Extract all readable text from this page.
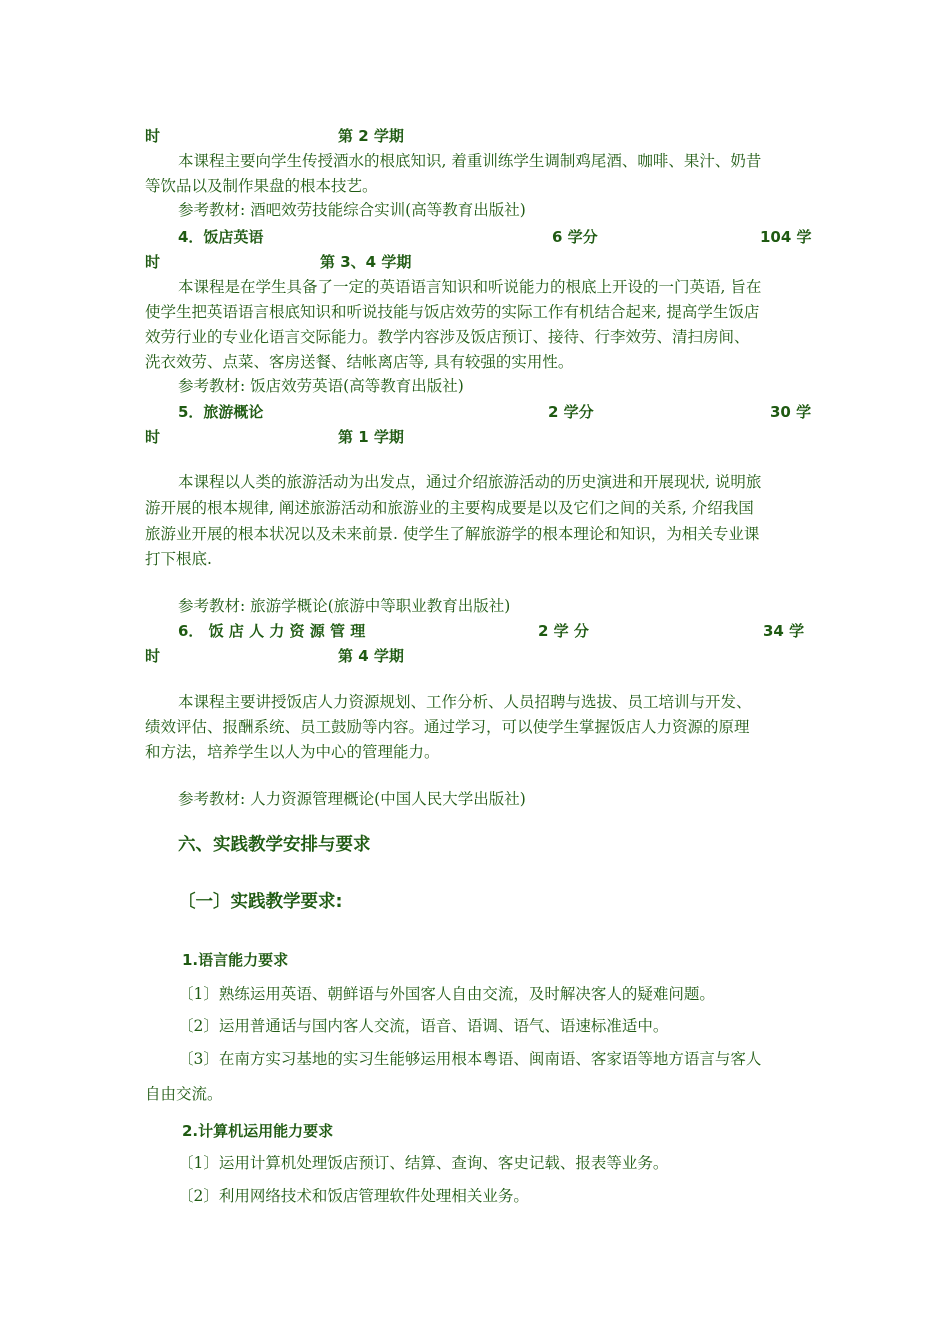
时	第 2 学期
本课程主要向学生传授酒水的根底知识, 着重训练学生调制鸡尾酒、咖啡、果汁、奶昔
等饮品以及制作果盘的根本技艺。
参考教材: 酒吧效劳技能综合实训(高等教育出版社)
4．饭店英语	6 学分	104 学
时	第 3、4 学期
本课程是在学生具备了一定的英语语言知识和听说能力的根底上开设的一门英语, 旨在
使学生把英语语言根底知识和听说技能与饭店效劳的实际工作有机结合起来, 提高学生饭店
效劳行业的专业化语言交际能力。教学内容涉及饭店预订、接待、行李效劳、清扫房间、
洗衣效劳、点菜、客房送餐、结帐离店等, 具有较强的实用性。
参考教材: 饭店效劳英语(高等教育出版社)
5．旅游概论	2 学分	30 学
时	第 1 学期
本课程以人类的旅游活动为出发点，通过介绍旅游活动的历史演进和开展现状, 说明旅
游开展的根本规律, 阐述旅游活动和旅游业的主要构成要是以及它们之间的关系, 介绍我国
旅游业开展的根本状况以及未来前景. 使学生了解旅游学的根本理论和知识，为相关专业课
打下根底.
参考教材: 旅游学概论(旅游中等职业教育出版社)
6． 饭 店 人 力 资 源 管 理	2 学 分	34 学
时	第 4 学期
本课程主要讲授饭店人力资源规划、工作分析、人员招聘与选拔、员工培训与开发、
绩效评估、报酬系统、员工鼓励等内容。通过学习，可以使学生掌握饭店人力资源的原理
和方法，培养学生以人为中心的管理能力。
参考教材: 人力资源管理概论(中国人民大学出版社)
六、实践教学安排与要求
〔一〕实践教学要求:
1.语言能力要求
〔1〕熟练运用英语、朝鲜语与外国客人自由交流，及时解决客人的疑难问题。
〔2〕运用普通话与国内客人交流，语音、语调、语气、语速标准适中。
〔3〕在南方实习基地的实习生能够运用根本粤语、闽南语、客家语等地方语言与客人
自由交流。
2.计算机运用能力要求
〔1〕运用计算机处理饭店预订、结算、查询、客史记载、报表等业务。
〔2〕利用网络技术和饭店管理软件处理相关业务。
